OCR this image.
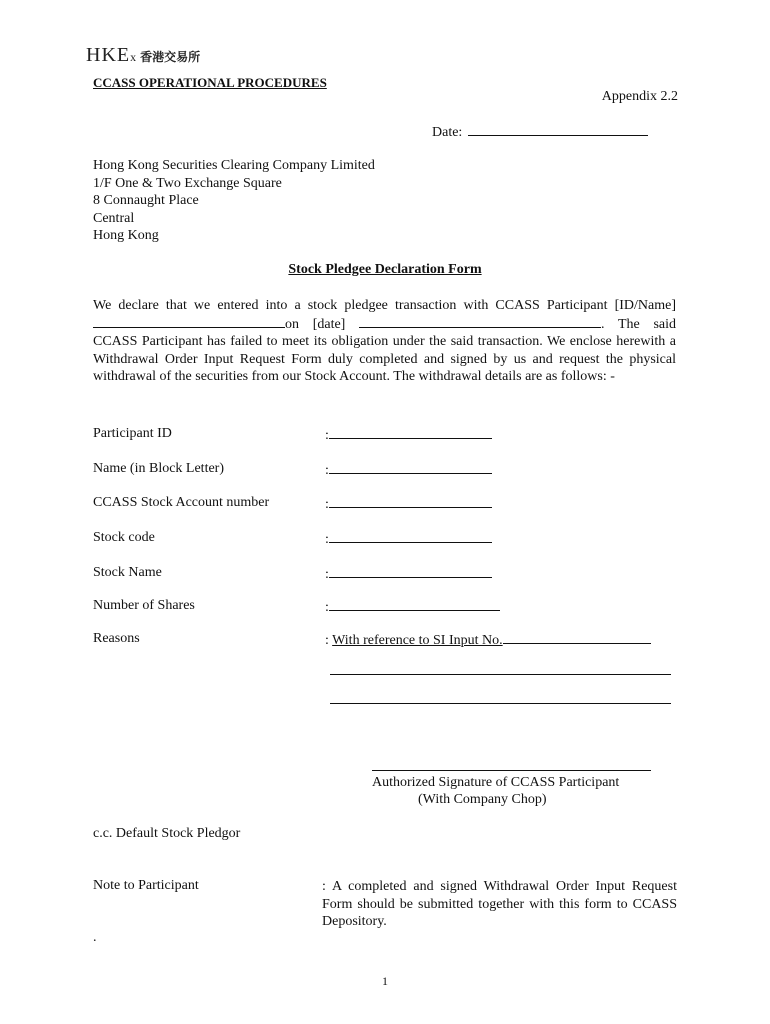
HKE x 香港交易所
CCASS OPERATIONAL PROCEDURES
Appendix 2.2
Date:
Hong Kong Securities Clearing Company Limited
1/F One & Two Exchange Square
8 Connaught Place
Central
Hong Kong
Stock Pledgee Declaration Form
We declare that we entered into a stock pledgee transaction with CCASS Participant [ID/Name] on [date]	. The said CCASS Participant has failed to meet its obligation under the said transaction. We enclose herewith a Withdrawal Order Input Request Form duly completed and signed by us and request the physical withdrawal of the securities from our Stock Account. The withdrawal details are as follows: -
Participant ID	:
Name (in Block Letter)	:
CCASS Stock Account number	:
Stock code	:
Stock Name	:
Number of Shares	:
Reasons	: With reference to SI Input No.
Authorized Signature of CCASS Participant
(With Company Chop)
c.c. Default Stock Pledgor
Note to Participant	: A completed and signed Withdrawal Order Input Request Form should be submitted together with this form to CCASS Depository.
.
1
